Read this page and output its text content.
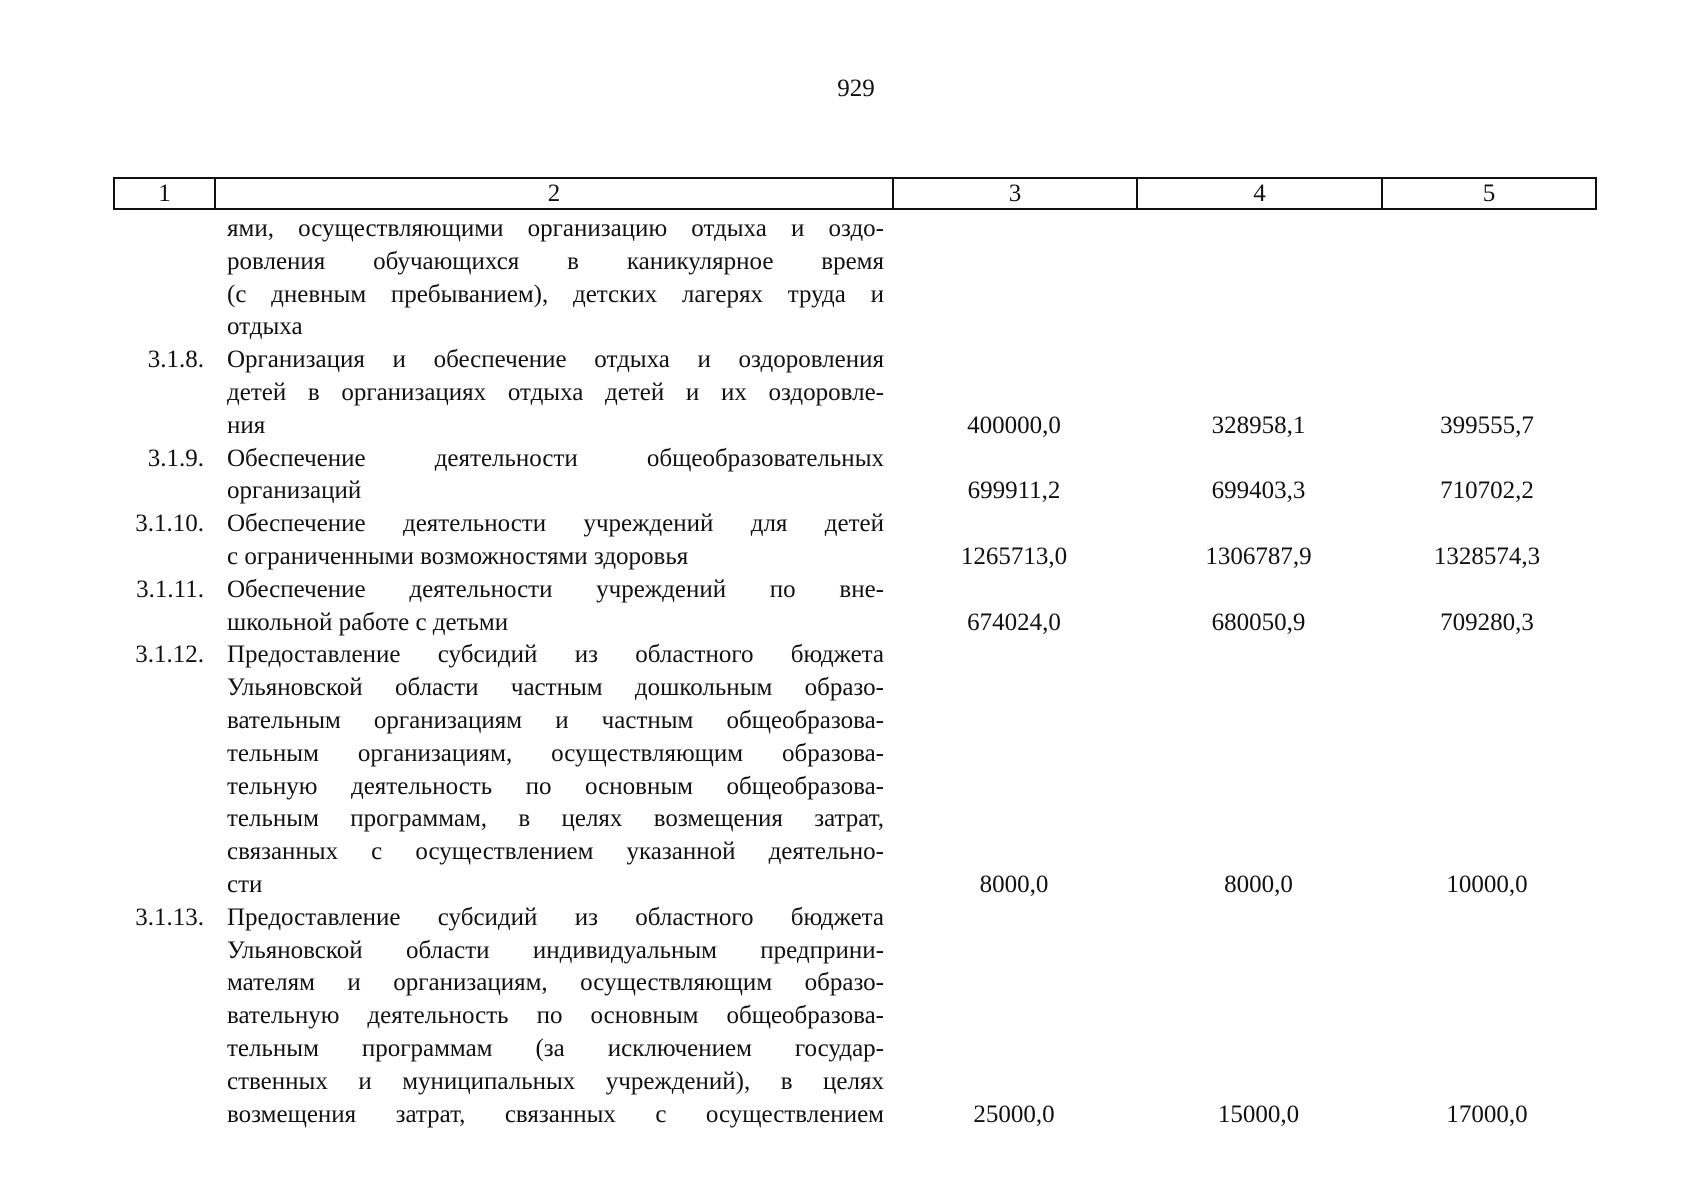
929
1	2	3	4	5
ями, осуществляющими организацию отдыха и оздо-
ровления обучающихся в каникулярное время
(с дневным пребыванием), детских лагерях труда и
отдыха
3.1.8. Организация и обеспечение отдыха и оздоровления
детей в организациях отдыха детей и их оздоровле-
ния	400000,0	328958,1	399555,7
3.1.9. Обеспечение деятельности общеобразовательных
организаций	699911,2	699403,3	710702,2
3.1.10. Обеспечение деятельности учреждений для детей
с ограниченными возможностями здоровья	1265713,0	1306787,9	1328574,3
3.1.11. Обеспечение деятельности учреждений по вне-
школьной работе с детьми	674024,0	680050,9	709280,3
3.1.12. Предоставление субсидий из областного бюджета
Ульяновской области частным дошкольным образо-
вательным организациям и частным общеобразова-
тельным организациям, осуществляющим образова-
тельную деятельность по основным общеобразова-
тельным программам, в целях возмещения затрат,
связанных с осуществлением указанной деятельно-
сти	8000,0	8000,0	10000,0
3.1.13. Предоставление субсидий из областного бюджета
Ульяновской области индивидуальным предприни-
мателям и организациям, осуществляющим образо-
вательную деятельность по основным общеобразова-
тельным программам (за исключением государ-
ственных и муниципальных учреждений), в целях
возмещения затрат, связанных с осуществлением	25000,0	15000,0	17000,0
